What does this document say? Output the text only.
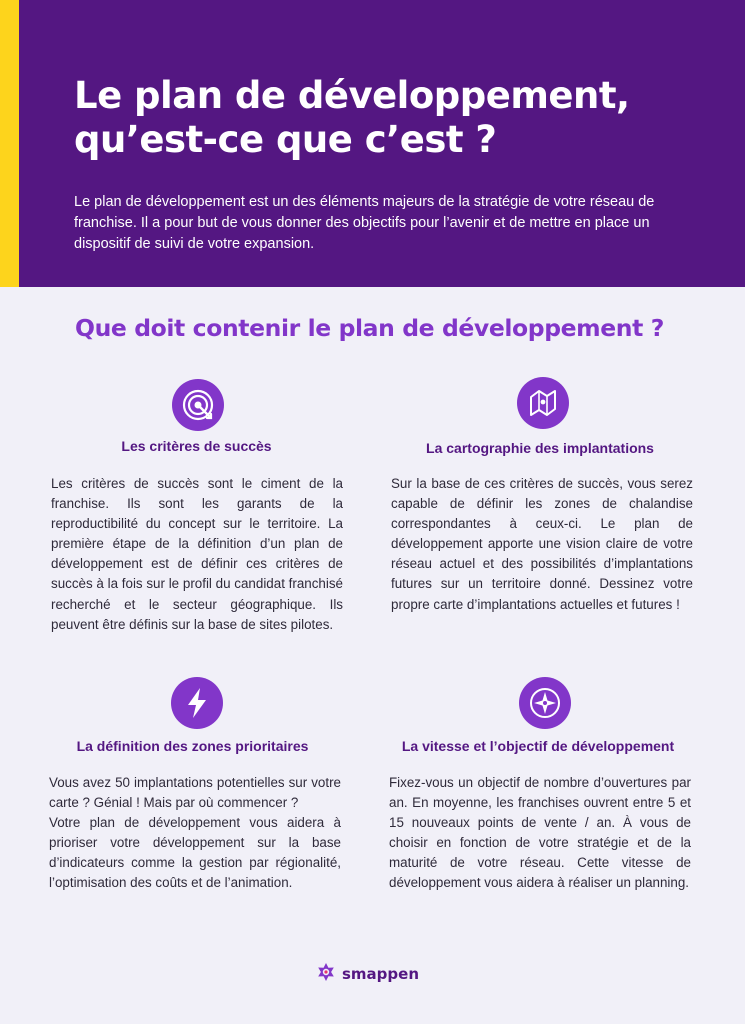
Le plan de développement,
qu’est-ce que c’est ?

Le plan de développement est un des éléments majeurs de la stratégie de votre réseau de franchise. Il a pour but de vous donner des objectifs pour l’avenir et de mettre en place un dispositif de suivi de votre expansion.

Que doit contenir le plan de développement ?
Les critères de succès

Les critères de succès sont le ciment de la franchise. Ils sont les garants de la reproductibilité du concept sur le territoire. La première étape de la définition d’un plan de développement est de définir ces critères de succès à la fois sur le profil du candidat franchisé recherché et le secteur géographique. Ils peuvent être définis sur la base de sites pilotes.

La cartographie des implantations

Sur la base de ces critères de succès, vous serez capable de définir les zones de chalandise correspondantes à ceux-ci. Le plan de développement apporte une vision claire de votre réseau actuel et des possibilités d’implantations futures sur un territoire donné. Dessinez votre propre carte d’implantations actuelles et futures !

La définition des zones prioritaires

Vous avez 50 implantations potentielles sur votre carte ? Génial ! Mais par où commencer ?
Votre plan de développement vous aidera à prioriser votre développement sur la base d’indicateurs comme la gestion par régionalité, l’optimisation des coûts et de l’animation.

La vitesse et l’objectif de développement

Fixez-vous un objectif de nombre d’ouvertures par an. En moyenne, les franchises ouvrent entre 5 et 15 nouveaux points de vente / an. À vous de choisir en fonction de votre stratégie et de la maturité de votre réseau. Cette vitesse de développement vous aidera à réaliser un planning.

smappen
